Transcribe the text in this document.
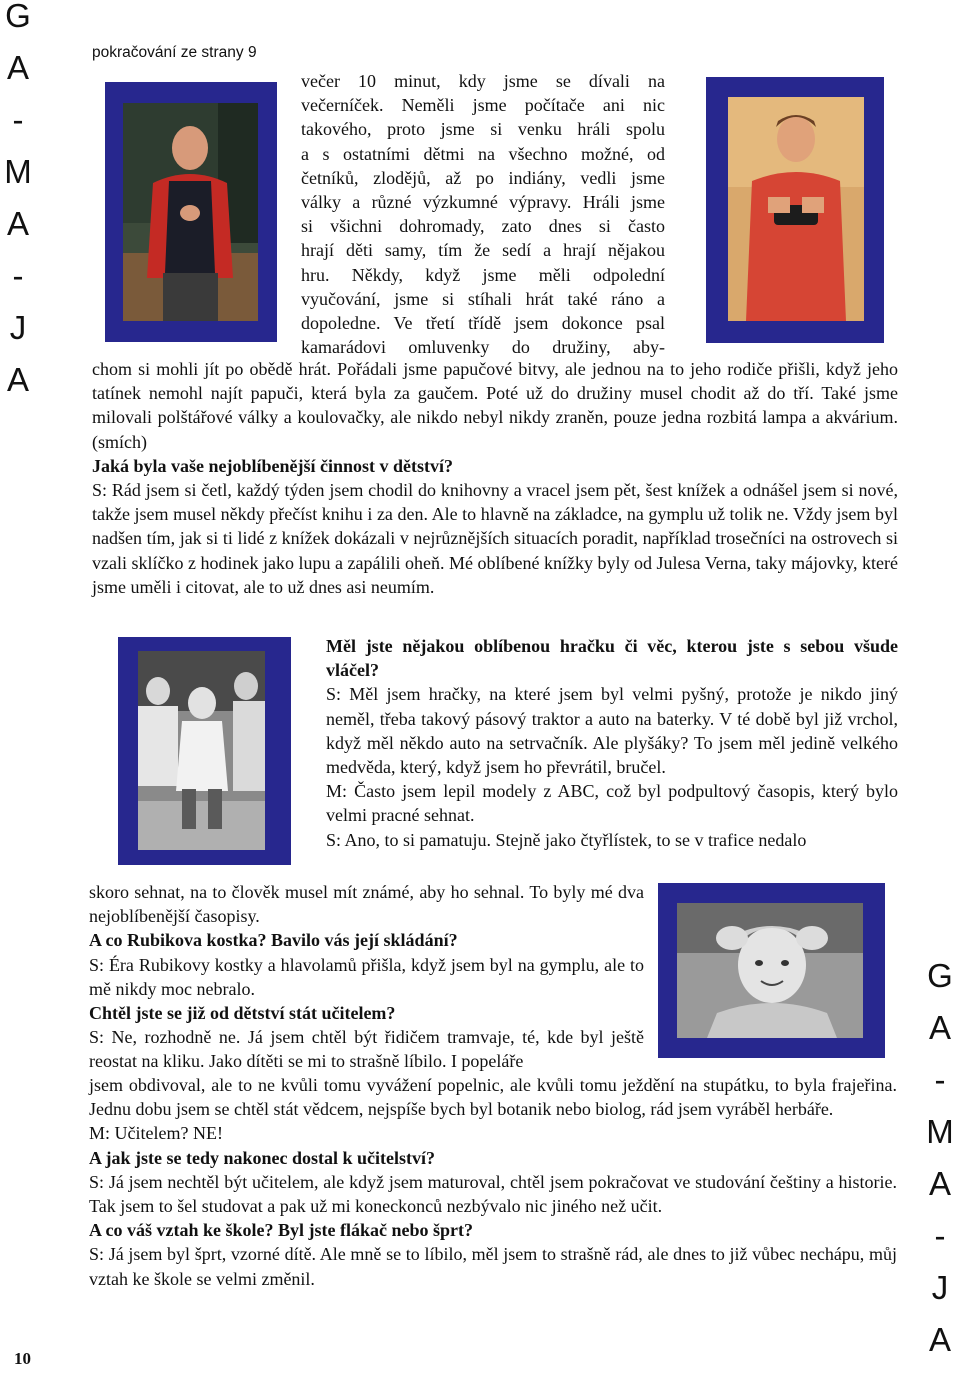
G
A
-
M
A
-
J
A
G
A
-
M
A
-
J
A
pokračování ze strany 9

večer 10 minut, kdy jsme se dívali na

večerníček. Neměli jsme počítače ani nic

takového, proto jsme si venku hráli spolu

a s ostatními dětmi na všechno možné, od

četníků, zlodějů, až po indiány, vedli jsme

války a různé výzkumné výpravy. Hráli jsme

si všichni dohromady, zato dnes si často

hrají děti samy, tím že sedí a hrají nějakou

hru. Někdy, když jsme měli odpolední

vyučování, jsme si stíhali hrát také ráno a

dopoledne. Ve třetí třídě jsem dokonce psal

kamarádovi omluvenky do družiny, aby-

chom si mohli jít po obědě hrát. Pořádali jsme papučové bitvy, ale jednou na to jeho rodiče přišli, když jeho tatínek nemohl najít papuči, která byla za gaučem. Poté už do družiny musel chodit až do tří. Také jsme milovali polštářové války a koulovačky, ale nikdo nebyl nikdy zraněn, pouze jedna rozbitá lampa a akvárium. (smích)

Jaká byla vaše nejoblíbenější činnost v dětství?

S: Rád jsem si četl, každý týden jsem chodil do knihovny a vracel jsem pět, šest knížek a odnášel jsem si nové, takže jsem musel někdy přečíst knihu i za den. Ale to hlavně na základce, na gymplu už tolik ne. Vždy jsem byl nadšen tím, jak si ti lidé z knížek dokázali v nejrůznějších situacích poradit, například trosečníci na ostrovech si vzali sklíčko z hodinek jako lupu a zapálili oheň. Mé oblíbené knížky byly od Julesa Verna, taky májovky, které jsme uměli i citovat, ale to už dnes asi neumím.

Měl jste nějakou oblíbenou hračku či věc, kterou jste s sebou všude vláčel?

S: Měl jsem hračky, na které jsem byl velmi pyšný, protože je nikdo jiný neměl, třeba takový pásový traktor a auto na baterky. V té době byl již vrchol, když měl někdo auto na setrvačník. Ale plyšáky? To jsem měl jedině velkého medvěda, který, když jsem ho převrátil, bručel.

M: Často jsem lepil modely z ABC, což byl podpultový časopis, který bylo velmi pracné sehnat.

S: Ano, to si pamatuju. Stejně jako čtyřlístek, to se v trafice nedalo

skoro sehnat, na to člověk musel mít známé, aby ho sehnal. To byly mé dva nejoblíbenější časopisy.

A co Rubikova kostka? Bavilo vás její skládání?

S: Éra Rubikovy kostky a hlavolamů přišla, když jsem byl na gymplu, ale to mě nikdy moc nebralo.

Chtěl jste se již od dětství stát učitelem?

S: Ne, rozhodně ne. Já jsem chtěl být řidičem tramvaje, té, kde byl ještě reostat na kliku. Jako dítěti se mi to strašně líbilo. I popeláře

jsem obdivoval, ale to ne kvůli tomu vyvážení popelnic, ale kvůli tomu ježdění na stupátku, to byla frajeřina. Jednu dobu jsem se chtěl stát vědcem, nejspíše bych byl botanik nebo biolog, rád jsem vyráběl herbáře.

M: Učitelem? NE!

A jak jste se tedy nakonec dostal k učitelství?

S: Já jsem nechtěl být učitelem, ale když jsem maturoval, chtěl jsem pokračovat ve studování češtiny a historie. Tak jsem to šel studovat a pak už mi koneckonců nezbývalo nic jiného než učit.

A co váš vztah ke škole? Byl jste flákač nebo šprt?

S: Já jsem byl šprt, vzorné dítě. Ale mně se to líbilo, měl jsem to strašně rád, ale dnes to již vůbec nechápu, můj vztah ke škole se velmi změnil.

10
